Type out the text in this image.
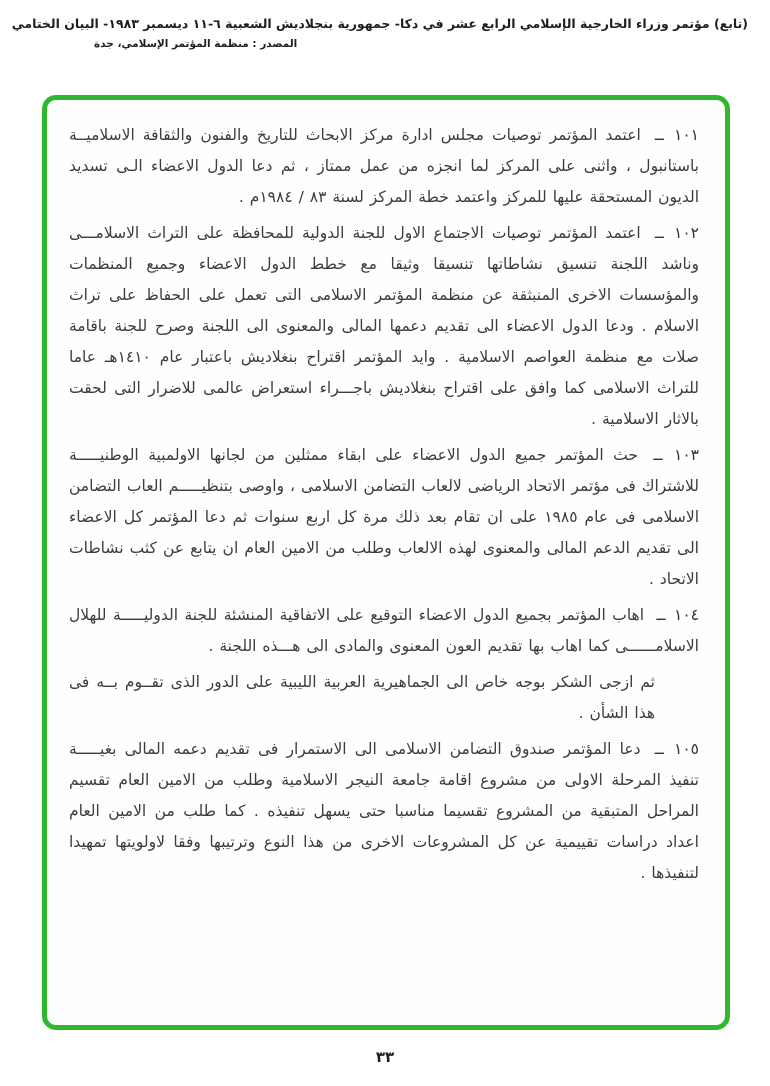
(تابع) مؤتمر وزراء الخارجية الإسلامي الرابع عشر في دكا- جمهورية بنجلاديش الشعبية ٦-١١ ديسمبر ١٩٨٣- البيان الختامي
المصدر : منظمة المؤتمر الإسلامي، جدة

١٠١ ــ اعتمد المؤتمر توصيات مجلس ادارة مركز الابحاث للتاريخ والفنون والثقافة الاسلاميــة باستانبول ، واثنى على المركز لما انجزه من عمل ممتاز ، ثم دعا الدول الاعضاء الـى تسديد الديون المستحقة عليها للمركز واعتمد خطة المركز لسنة ٨٣ / ١٩٨٤م .

١٠٢ ــ اعتمد المؤتمر توصيات الاجتماع الاول للجنة الدولية للمحافظة على التراث الاسلامـــى وناشد اللجنة تنسيق نشاطاتها تنسيقا وثيقا مع خطط الدول الاعضاء وجميع المنظمات والمؤسسات الاخرى المنبثقة عن منظمة المؤتمر الاسلامى التى تعمل على الحفاظ على تراث الاسلام . ودعا الدول الاعضاء الى تقديم دعمها المالى والمعنوى الى اللجنة وصرح للجنة باقامة صلات مع منظمة العواصم الاسلامية . وايد المؤتمر اقتراح بنغلاديش باعتبار عام ١٤١٠هـ عاما للتراث الاسلامى كما وافق على اقتراح بنغلاديش باجـــراء استعراض عالمى للاضرار التى لحقت بالاثار الاسلامية .

١٠٣ ــ حث المؤتمر جميع الدول الاعضاء على ابقاء ممثلين من لجانها الاولمبية الوطنيـــــة للاشتراك فى مؤتمر الاتحاد الرياضى لالعاب التضامن الاسلامى ، واوصى بتنظيـــــم العاب التضامن الاسلامى فى عام ١٩٨٥ على ان تقام بعد ذلك مرة كل اربع سنوات ثم دعا المؤتمر كل الاعضاء الى تقديم الدعم المالى والمعنوى لهذه الالعاب وطلب من الامين العام ان يتابع عن كثب نشاطات الاتحاد .

١٠٤ ــ اهاب المؤتمر بجميع الدول الاعضاء التوقيع على الاتفاقية المنشئة للجنة الدوليـــــة للهلال الاسلامــــــى كما اهاب بها تقديم العون المعنوى والمادى الى هـــذه اللجنة .

ثم ازجى الشكر بوجه خاص الى الجماهيرية العربية الليبية على الدور الذى تقــوم بــه فى هذا الشأن .

١٠٥ ــ دعا المؤتمر صندوق التضامن الاسلامى الى الاستمرار فى تقديم دعمه المالى بغيـــــة تنفيذ المرحلة الاولى من مشروع اقامة جامعة النيجر الاسلامية وطلب من الامين العام تقسيم المراحل المتبقية من المشروع تقسيما مناسبا حتى يسهل تنفيذه . كما طلب من الامين العام اعداد دراسات تقييمية عن كل المشروعات الاخرى من هذا النوع وترتيبها وفقا لاولويتها تمهيدا لتنفيذها .

٣٣
